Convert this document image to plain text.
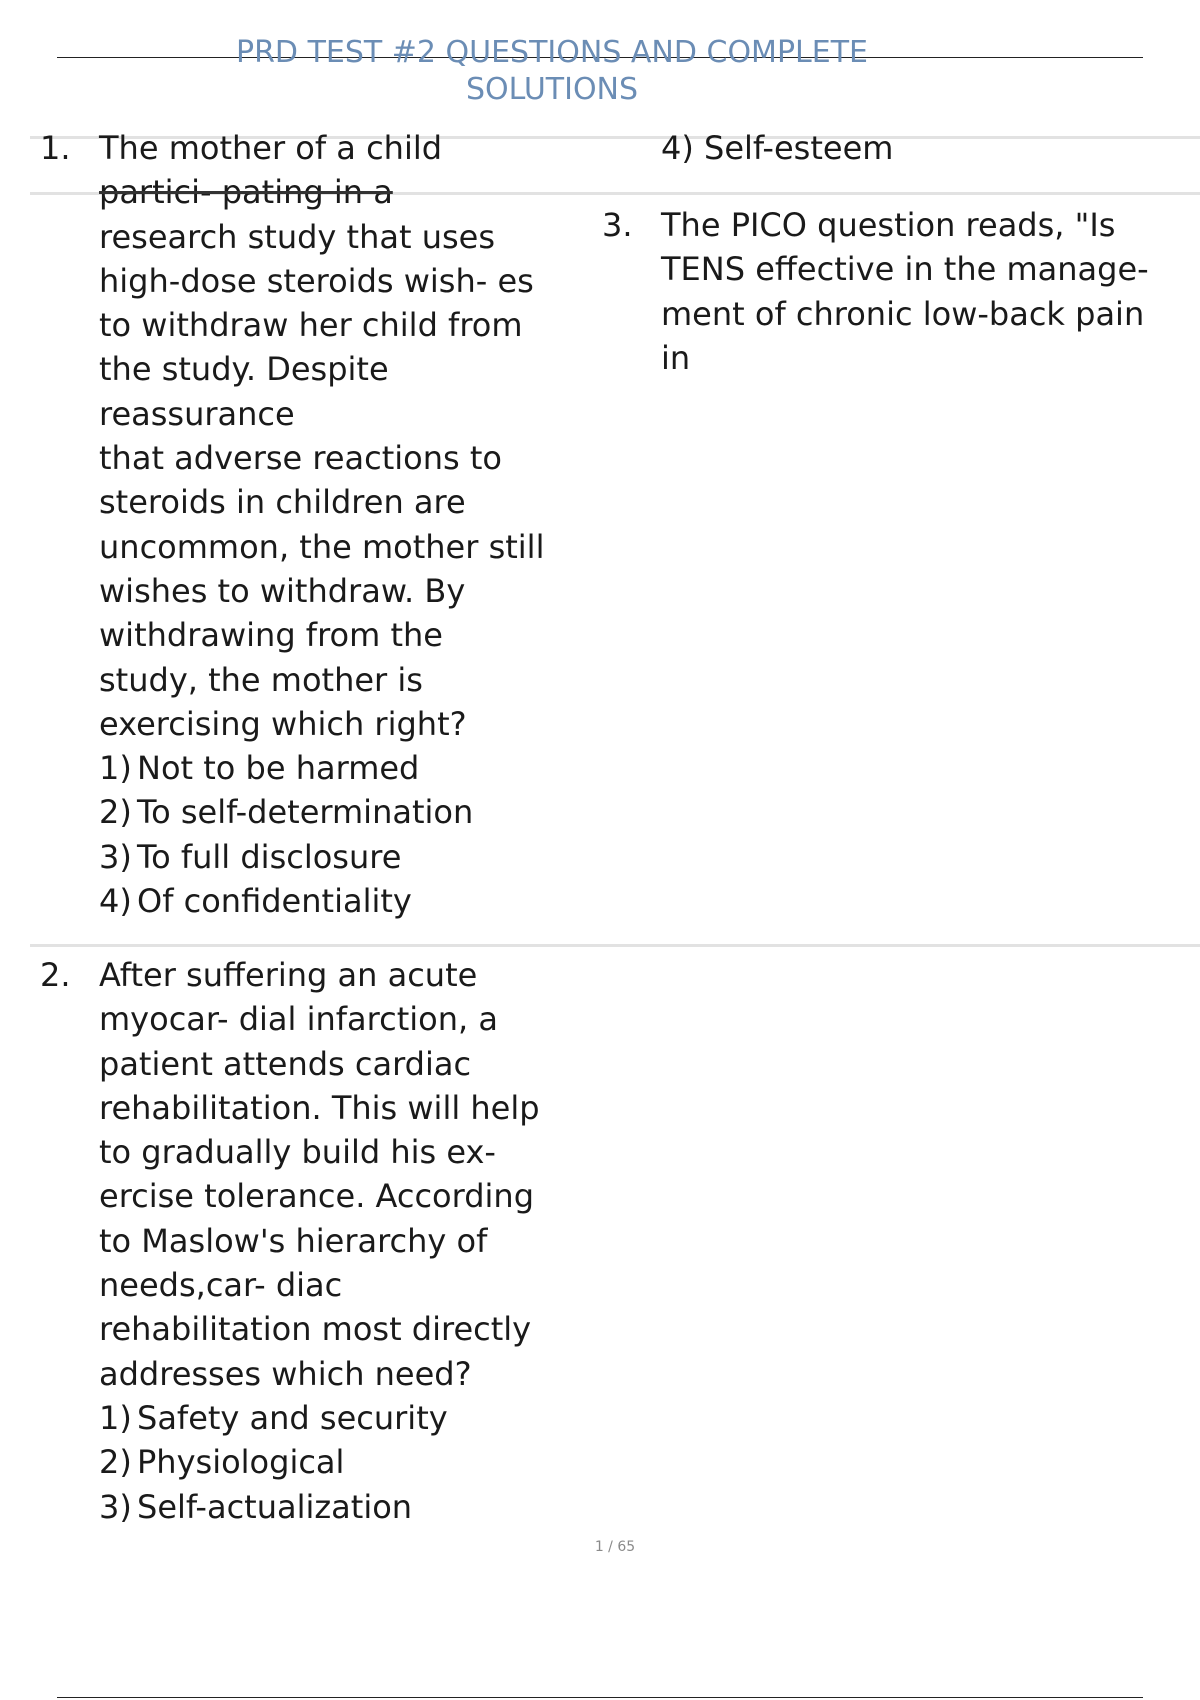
PRD TEST #2 QUESTIONS AND COMPLETE
SOLUTIONS
4) Self-esteem
1. The mother of a child
partici- pating in a
research study that uses
high-dose steroids wish- es
to withdraw her child from
the study. Despite
reassurance
that adverse reactions to
steroids in children are
uncommon, the mother still
wishes to withdraw. By
withdrawing from the
study, the mother is
exercising which right?
1) Not to be harmed
2) To self-determination
3) To full disclosure
4) Of confidentiality
2. After suffering an acute
myocar- dial infarction, a
patient attends cardiac
rehabilitation. This will help
to gradually build his ex-
ercise tolerance. According
to Maslow's hierarchy of
needs,car- diac
rehabilitation most directly
addresses which need?
1) Safety and security
2) Physiological
3) Self-actualization
3. The PICO question reads, "Is
TENS effective in the manage-
ment of chronic low-back pain
in
1 / 65
